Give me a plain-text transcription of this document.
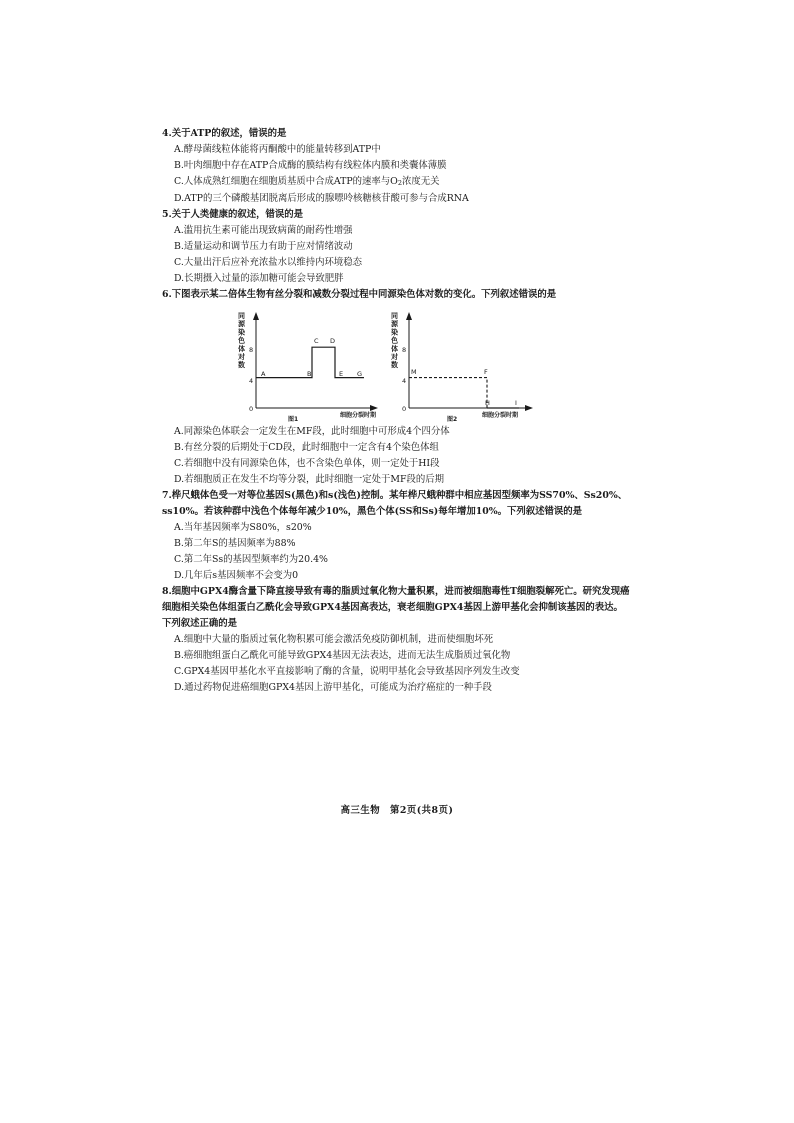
4.关于ATP的叙述，错误的是
A.酵母菌线粒体能将丙酮酸中的能量转移到ATP中
B.叶肉细胞中存在ATP合成酶的膜结构有线粒体内膜和类囊体薄膜
C.人体成熟红细胞在细胞质基质中合成ATP的速率与O2浓度无关
D.ATP的三个磷酸基团脱离后形成的腺嘌呤核糖核苷酸可参与合成RNA
5.关于人类健康的叙述，错误的是
A.滥用抗生素可能出现致病菌的耐药性增强
B.适量运动和调节压力有助于应对情绪波动
C.大量出汗后应补充浓盐水以维持内环境稳态
D.长期摄入过量的添加糖可能会导致肥胖
6.下图表示某二倍体生物有丝分裂和减数分裂过程中同源染色体对数的变化。下列叙述错误的是
同源染色体对数
8
4
0
A	B
C D
E G
细胞分裂时期
图1
同源染色体对数
8
4
0
M	F
H	I
细胞分裂时期
图2
A.同源染色体联会一定发生在MF段，此时细胞中可形成4个四分体
B.有丝分裂的后期处于CD段，此时细胞中一定含有4个染色体组
C.若细胞中没有同源染色体，也不含染色单体，则一定处于HI段
D.若细胞质正在发生不均等分裂，此时细胞一定处于MF段的后期
7.桦尺蛾体色受一对等位基因S(黑色)和s(浅色)控制。某年桦尺蛾种群中相应基因型频率为SS70%、Ss20%、ss10%。若该种群中浅色个体每年减少10%，黑色个体(SS和Ss)每年增加10%。下列叙述错误的是
A.当年基因频率为S80%，s20%
B.第二年S的基因频率为88%
C.第二年Ss的基因型频率约为20.4%
D.几年后s基因频率不会变为0
8.细胞中GPX4酶含量下降直接导致有毒的脂质过氧化物大量积累，进而被细胞毒性T细胞裂解死亡。研究发现癌细胞相关染色体组蛋白乙酰化会导致GPX4基因高表达，衰老细胞GPX4基因上游甲基化会抑制该基因的表达。下列叙述正确的是
A.细胞中大量的脂质过氧化物积累可能会激活免疫防御机制，进而使细胞坏死
B.癌细胞组蛋白乙酰化可能导致GPX4基因无法表达，进而无法生成脂质过氧化物
C.GPX4基因甲基化水平直接影响了酶的含量，说明甲基化会导致基因序列发生改变
D.通过药物促进癌细胞GPX4基因上游甲基化，可能成为治疗癌症的一种手段
高三生物　第2页(共8页)
